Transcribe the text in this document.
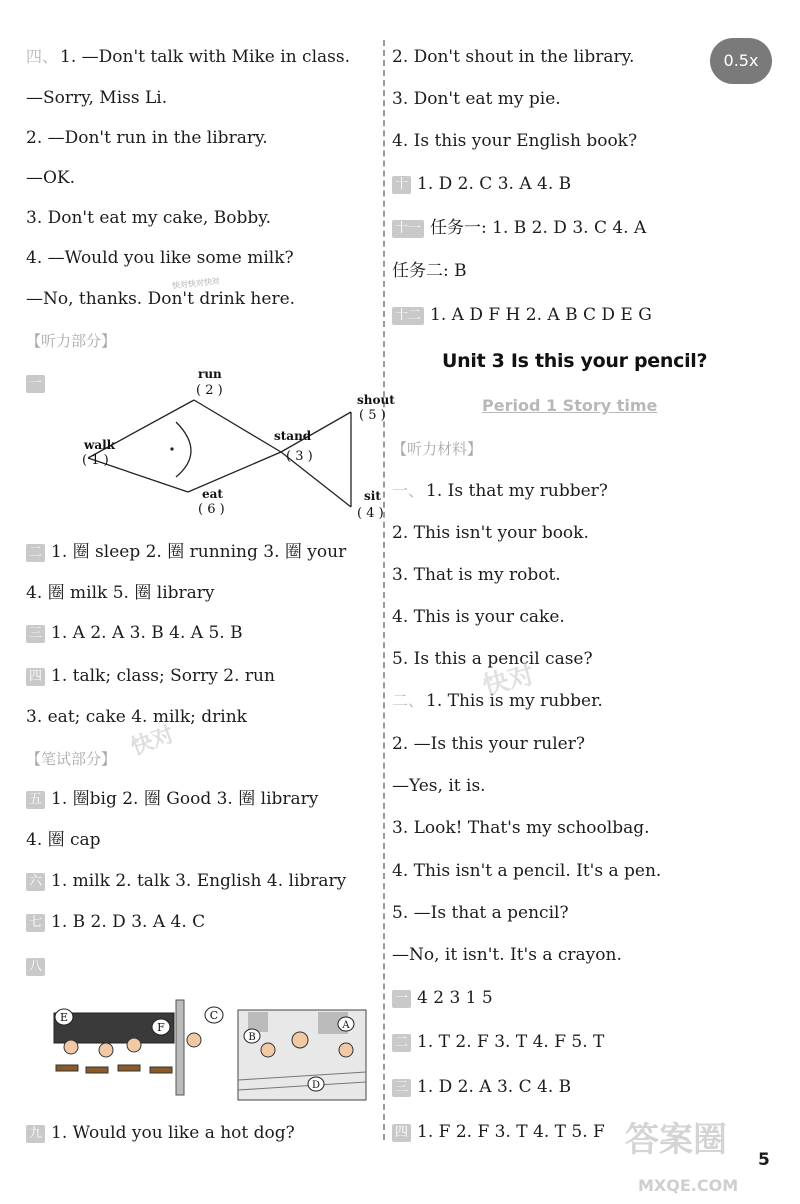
0.5x
四、 1. —Don't talk with Mike in class.
—Sorry, Miss Li.
2. —Don't run in the library.
—OK.
3. Don't eat my cake, Bobby.
4. —Would you like some milk?
—No, thanks. Don't drink here.
【听力部分】
一
run
( 2 )
shout
( 5 )
walk
( 1 )
stand
( 3 )
eat
( 6 )
sit
( 4 )
二 1. 圈 sleep 2. 圈 running 3. 圈 your
4. 圈 milk 5. 圈 library
三 1. A 2. A 3. B 4. A 5. B
四 1. talk; class; Sorry 2. run
3. eat; cake 4. milk; drink
【笔试部分】
五 1. 圈big 2. 圈 Good 3. 圈 library
4. 圈 cap
六 1. milk 2. talk 3. English 4. library
七 1. B 2. D 3. A 4. C
八
E
F
C
B
A
D
九 1. Would you like a hot dog?
快对快对快对
快对
2. Don't shout in the library.
3. Don't eat my pie.
4. Is this your English book?
十 1. D 2. C 3. A 4. B
十一 任务一: 1. B 2. D 3. C 4. A
任务二: B
十二 1. A D F H 2. A B C D E G
Unit 3 Is this your pencil?
Period 1 Story time
【听力材料】
一、 1. Is that my rubber?
2. This isn't your book.
3. That is my robot.
4. This is your cake.
5. Is this a pencil case?
二、 1. This is my rubber.
2. —Is this your ruler?
—Yes, it is.
3. Look! That's my schoolbag.
4. This isn't a pencil. It's a pen.
5. —Is that a pencil?
—No, it isn't. It's a crayon.
一 4 2 3 1 5
二 1. T 2. F 3. T 4. F 5. T
三 1. D 2. A 3. C 4. B
四 1. F 2. F 3. T 4. T 5. F
快对
答案圈
MXQE.COM
5
